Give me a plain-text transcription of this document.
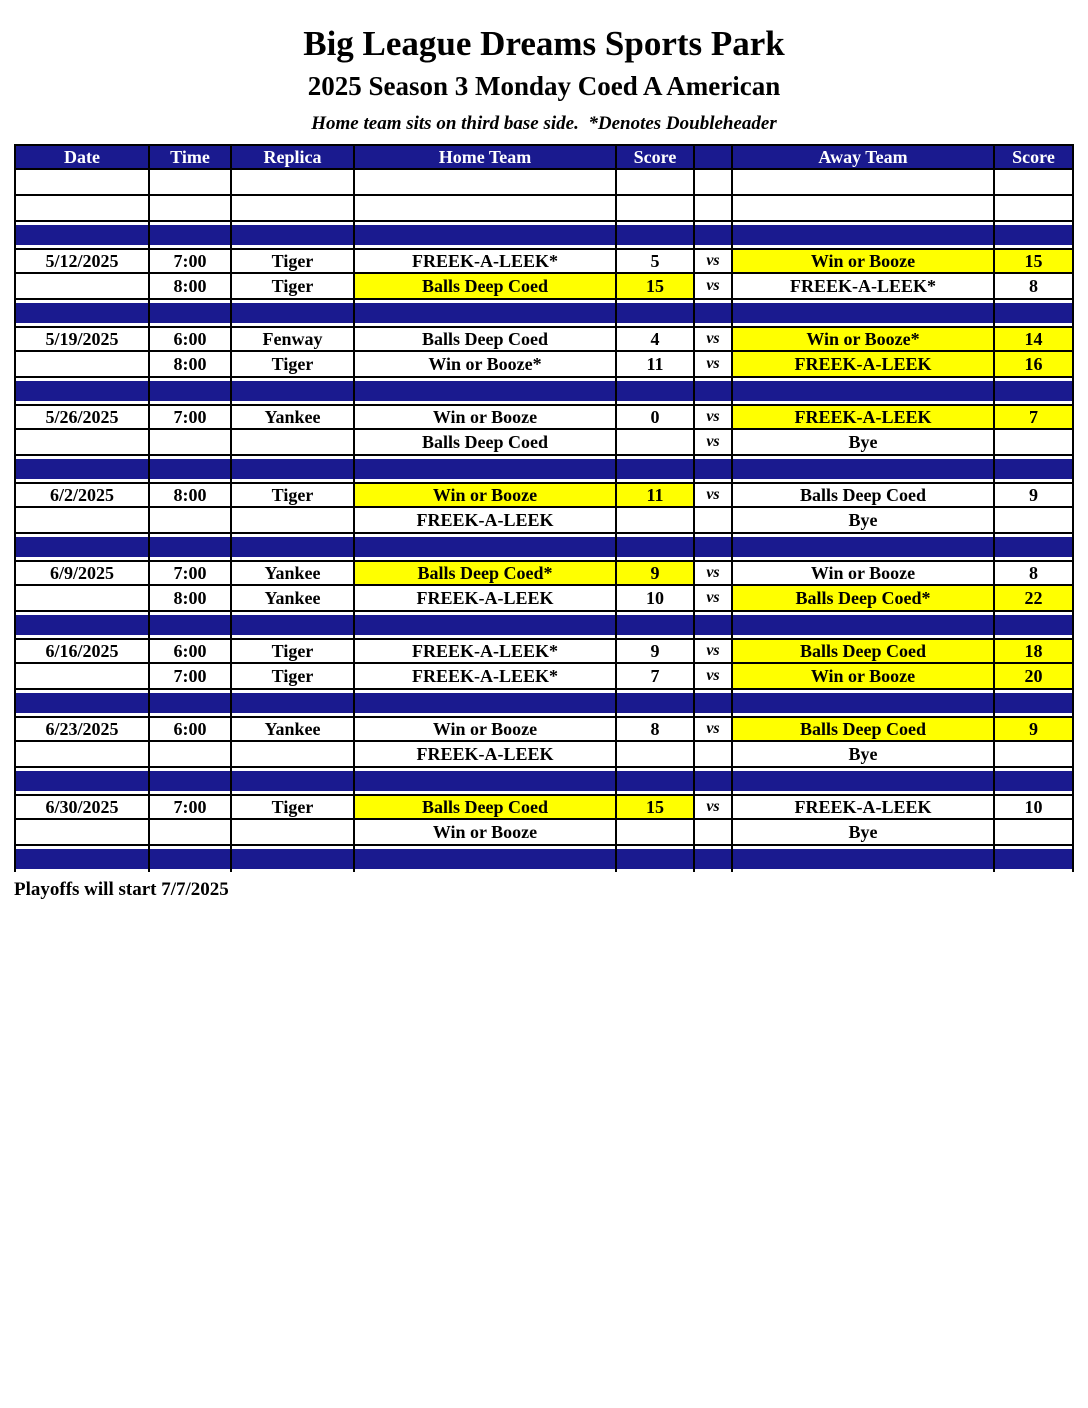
Big League Dreams Sports Park
2025 Season 3 Monday Coed A American
Home team sits on third base side.  *Denotes Doubleheader
Date	Time	Replica	Home Team	Score		Away Team	Score

5/12/2025	7:00	Tiger	FREEK-A-LEEK*	5	vs	Win or Booze	15
	8:00	Tiger	Balls Deep Coed	15	vs	FREEK-A-LEEK*	8

5/19/2025	6:00	Fenway	Balls Deep Coed	4	vs	Win or Booze*	14
	8:00	Tiger	Win or Booze*	11	vs	FREEK-A-LEEK	16

5/26/2025	7:00	Yankee	Win or Booze	0	vs	FREEK-A-LEEK	7
			Balls Deep Coed		vs	Bye	

6/2/2025	8:00	Tiger	Win or Booze	11	vs	Balls Deep Coed	9
			FREEK-A-LEEK			Bye	

6/9/2025	7:00	Yankee	Balls Deep Coed*	9	vs	Win or Booze	8
	8:00	Yankee	FREEK-A-LEEK	10	vs	Balls Deep Coed*	22

6/16/2025	6:00	Tiger	FREEK-A-LEEK*	9	vs	Balls Deep Coed	18
	7:00	Tiger	FREEK-A-LEEK*	7	vs	Win or Booze	20

6/23/2025	6:00	Yankee	Win or Booze	8	vs	Balls Deep Coed	9
			FREEK-A-LEEK			Bye	

6/30/2025	7:00	Tiger	Balls Deep Coed	15	vs	FREEK-A-LEEK	10
			Win or Booze			Bye	

Playoffs will start 7/7/2025
